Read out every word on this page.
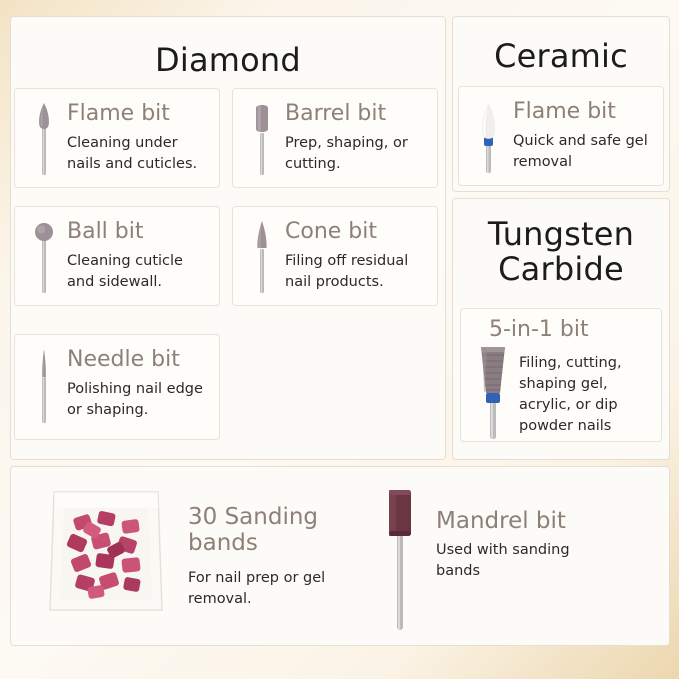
Diamond
Flame bit
Cleaning under nails and cuticles.
Barrel bit
Prep, shaping, or cutting.
Ball bit
Cleaning cuticle and sidewall.
Cone bit
Filing off residual nail products.
Needle bit
Polishing nail edge or shaping.
Ceramic
Flame bit
Quick and safe gel removal
Tungsten Carbide
5-in-1 bit
Filing, cutting, shaping gel, acrylic, or dip powder nails
30 Sanding bands
For nail prep or gel removal.
Mandrel bit
Used with sanding bands
